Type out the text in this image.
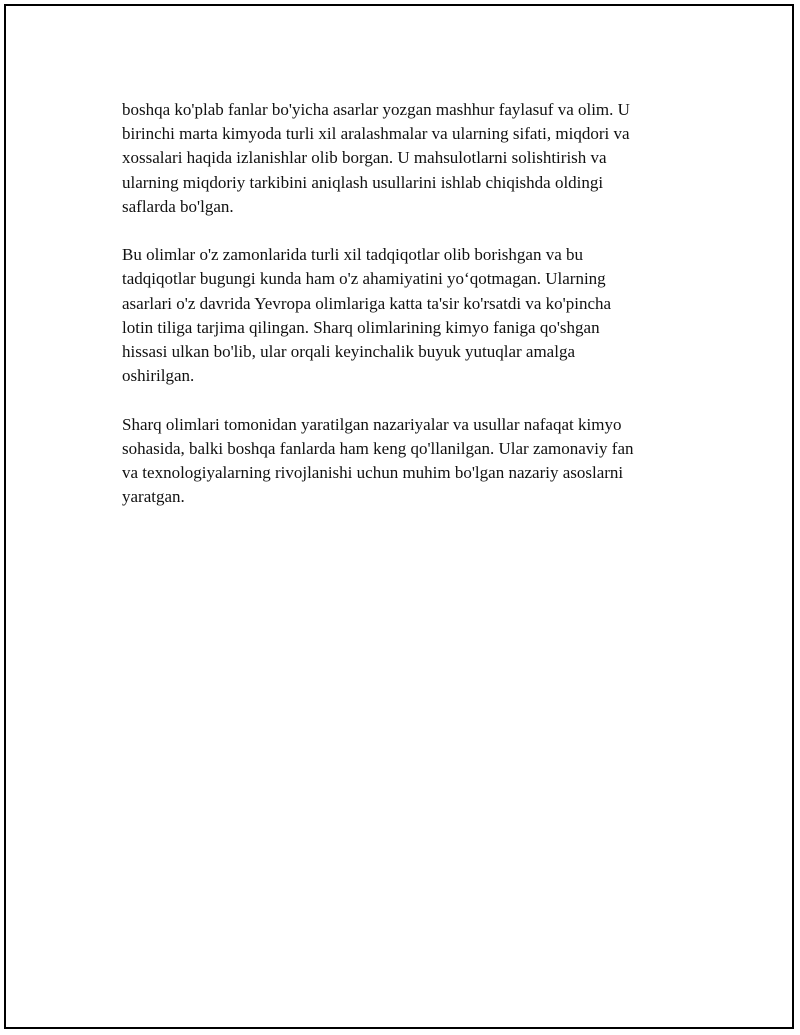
boshqa ko'plab fanlar bo'yicha asarlar yozgan mashhur faylasuf va olim. U
birinchi marta kimyoda turli xil aralashmalar va ularning sifati, miqdori va
xossalari haqida izlanishlar olib borgan. U mahsulotlarni solishtirish va
ularning miqdoriy tarkibini aniqlash usullarini ishlab chiqishda oldingi
saflarda bo'lgan.

Bu olimlar o'z zamonlarida turli xil tadqiqotlar olib borishgan va bu
tadqiqotlar bugungi kunda ham o'z ahamiyatini yo‘qotmagan. Ularning
asarlari o'z davrida Yevropa olimlariga katta ta'sir ko'rsatdi va ko'pincha
lotin tiliga tarjima qilingan. Sharq olimlarining kimyo faniga qo'shgan
hissasi ulkan bo'lib, ular orqali keyinchalik buyuk yutuqlar amalga
oshirilgan.

Sharq olimlari tomonidan yaratilgan nazariyalar va usullar nafaqat kimyo
sohasida, balki boshqa fanlarda ham keng qo'llanilgan. Ular zamonaviy fan
va texnologiyalarning rivojlanishi uchun muhim bo'lgan nazariy asoslarni
yaratgan.
